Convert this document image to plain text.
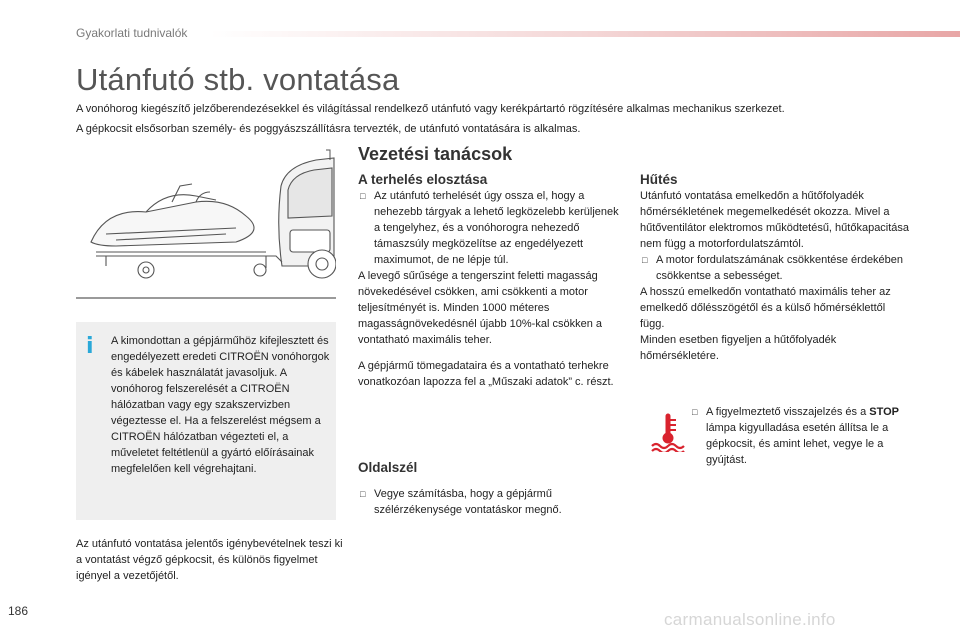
Gyakorlati tudnivalók
Utánfutó stb. vontatása
A vonóhorog kiegészítő jelzőberendezésekkel és világítással rendelkező utánfutó vagy kerékpártartó rögzítésére alkalmas mechanikus szerkezet.
A gépkocsit elsősorban személy- és poggyászszállításra tervezték, de utánfutó vontatására is alkalmas.
i A kimondottan a gépjárműhöz kifejlesztett és engedélyezett eredeti CITROËN vonóhorgok és kábelek használatát javasoljuk. A vonóhorog felszerelését a CITROËN hálózatban vagy egy szakszervizben végeztesse el. Ha a felszerelést mégsem a CITROËN hálózatban végezteti el, a műveletet feltétlenül a gyártó előírásainak megfelelően kell végrehajtani.
Az utánfutó vontatása jelentős igénybevételnek teszi ki a vontatást végző gépkocsit, és különös figyelmet igényel a vezetőjétől.
Vezetési tanácsok

A terhelés elosztása

□ Az utánfutó terhelését úgy ossza el, hogy a nehezebb tárgyak a lehető legközelebb kerüljenek a tengelyhez, és a vonóhorogra nehezedő támaszsúly megközelítse az engedélyezett maximumot, de ne lépje túl.

A levegő sűrűsége a tengerszint feletti magasság növekedésével csökken, ami csökkenti a motor teljesítményét is. Minden 1000 méteres magasságnövekedésnél újabb 10%-kal csökken a vontatható maximális teher.

A gépjármű tömegadataira és a vontatható terhekre vonatkozóan lapozza fel a „Műszaki adatok” c. részt.

Oldalszél

□ Vegye számításba, hogy a gépjármű szélérzékenysége vontatáskor megnő.

Hűtés

Utánfutó vontatása emelkedőn a hűtőfolyadék hőmérsékletének megemelkedését okozza. Mivel a hűtőventilátor elektromos működtetésű, hűtőkapacitása nem függ a motorfordulatszámtól.

□ A motor fordulatszámának csökkentése érdekében csökkentse a sebességet.

A hosszú emelkedőn vontatható maximális teher az emelkedő dőlésszögétől és a külső hőmérséklettől függ.

Minden esetben figyeljen a hűtőfolyadék hőmérsékletére.

□ A figyelmeztető visszajelzés és a STOP lámpa kigyulladása esetén állítsa le a gépkocsit, és amint lehet, vegye le a gyújtást.
186	carmanualsonline.info
